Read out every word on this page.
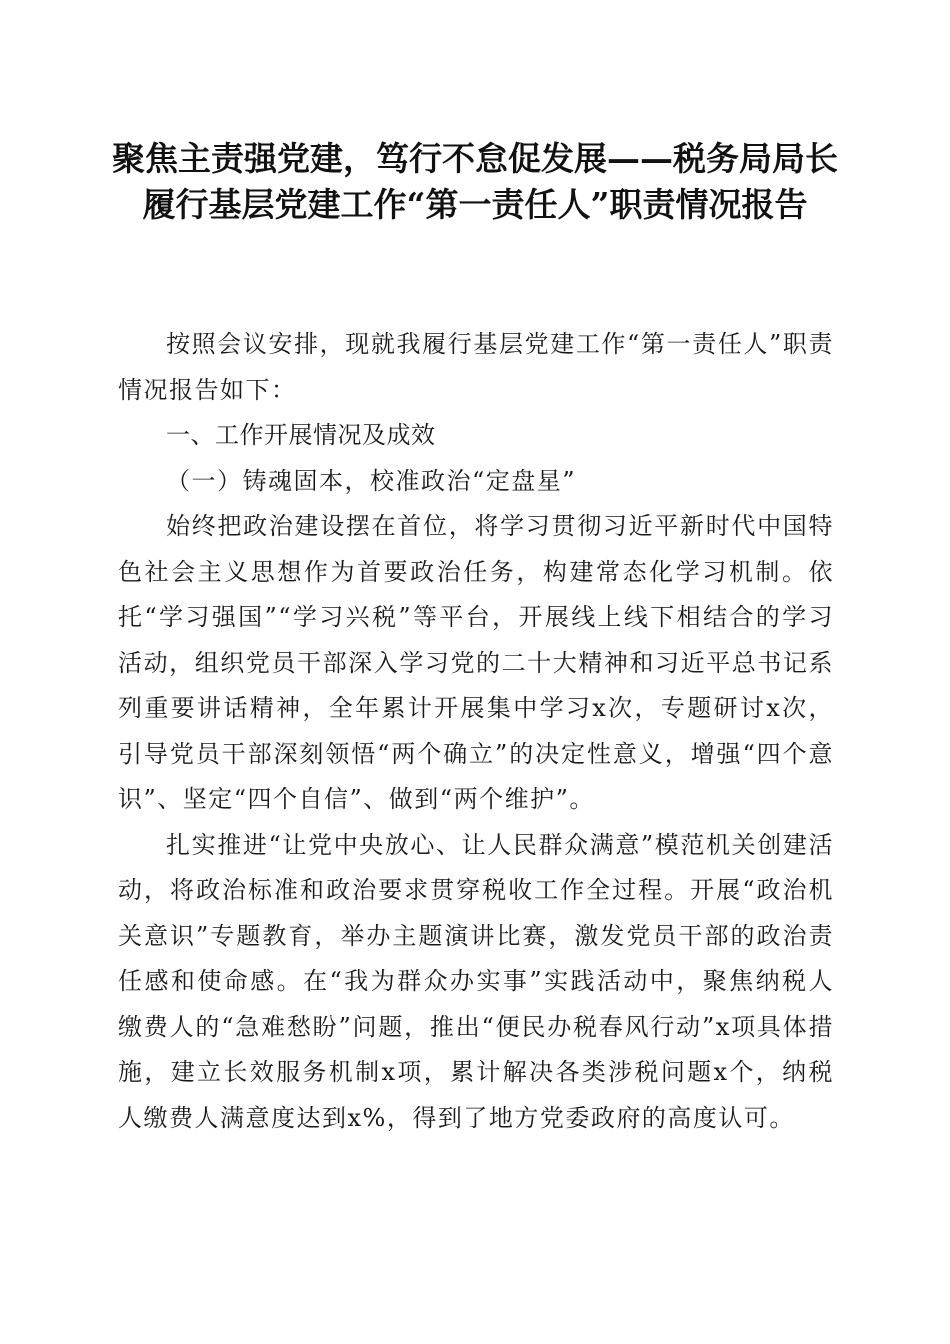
聚焦主责强党建，笃行不怠促发展——税务局局长履行基层党建工作“第一责任人”职责情况报告

按照会议安排，现就我履行基层党建工作“第一责任人”职责情况报告如下：

一、工作开展情况及成效

（一）铸魂固本，校准政治“定盘星”

始终把政治建设摆在首位，将学习贯彻习近平新时代中国特色社会主义思想作为首要政治任务，构建常态化学习机制。依托“学习强国”“学习兴税”等平台，开展线上线下相结合的学习活动，组织党员干部深入学习党的二十大精神和习近平总书记系列重要讲话精神，全年累计开展集中学习x次，专题研讨x次，引导党员干部深刻领悟“两个确立”的决定性意义，增强“四个意识”、坚定“四个自信”、做到“两个维护”。

扎实推进“让党中央放心、让人民群众满意”模范机关创建活动，将政治标准和政治要求贯穿税收工作全过程。开展“政治机关意识”专题教育，举办主题演讲比赛，激发党员干部的政治责任感和使命感。在“我为群众办实事”实践活动中，聚焦纳税人缴费人的“急难愁盼”问题，推出“便民办税春风行动”x项具体措施，建立长效服务机制x项，累计解决各类涉税问题x个，纳税人缴费人满意度达到x%，得到了地方党委政府的高度认可。
